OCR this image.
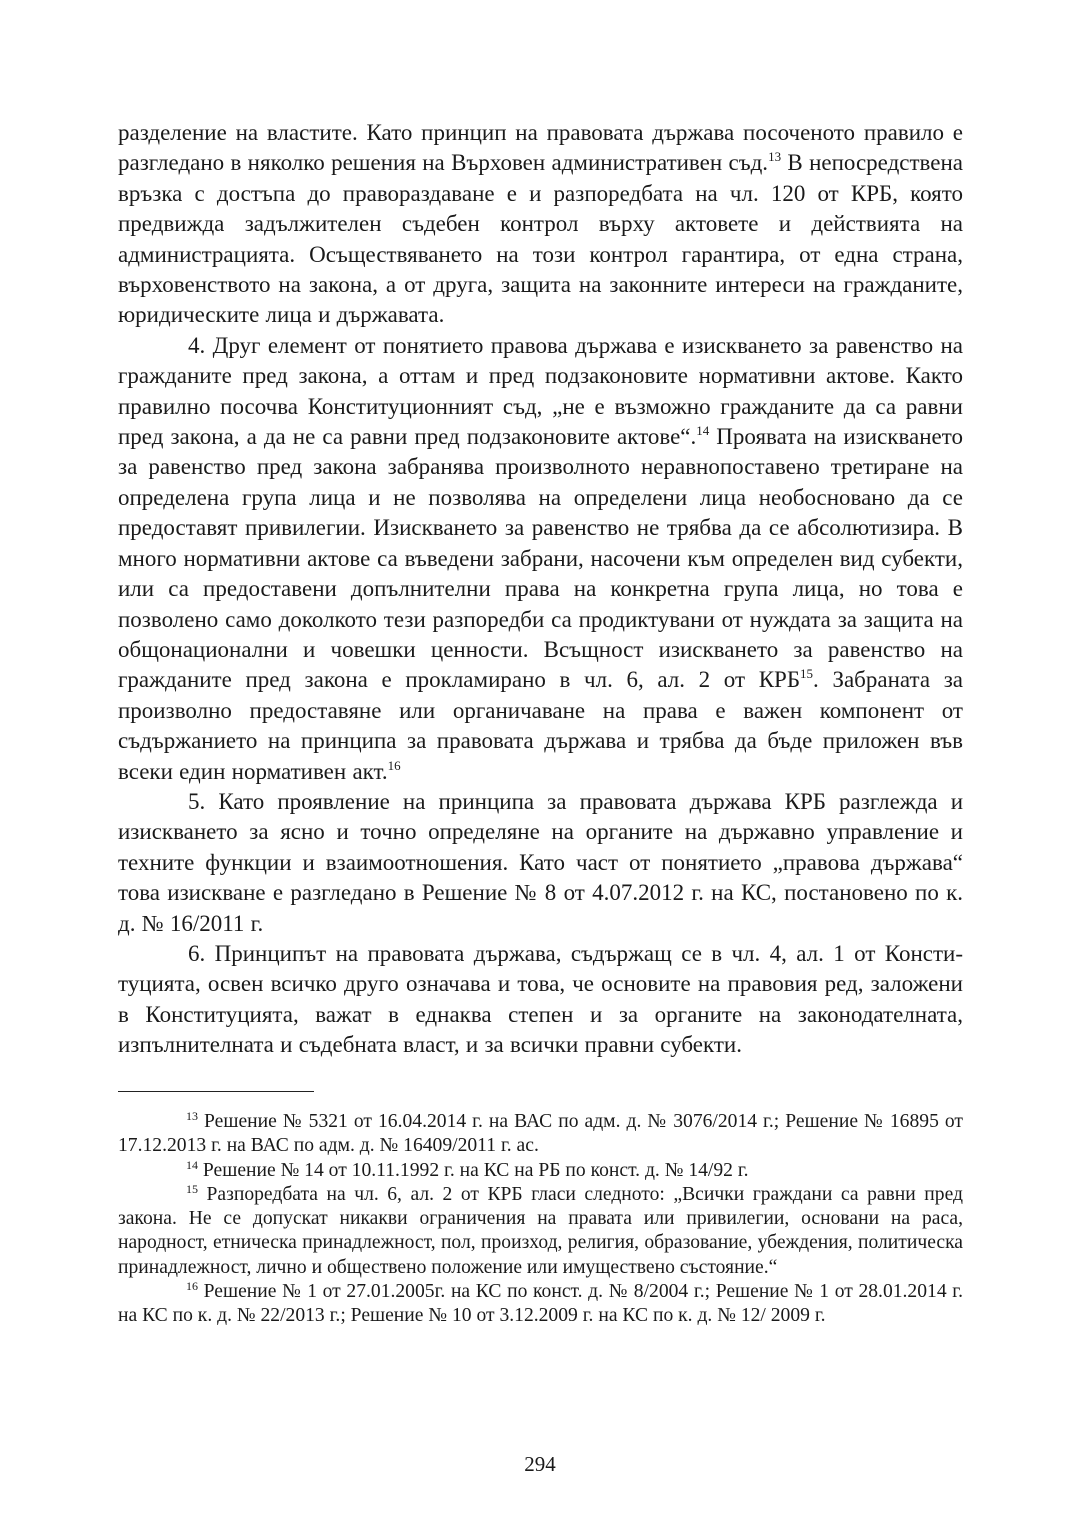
разделение на властите. Като принцип на правовата държава посоченото правило е разгледано в няколко решения на Върховен административен съд.$^{13}$ В непосредствена връзка с достъпа до правораздаване е и разпоредбата на чл. 120 от КРБ, която предвижда задължителен съдебен контрол върху актовете и действията на администрацията. Осъществяването на този контрол гарантира, от една страна, върховенството на закона, а от друга, защита на законните интереси на гражданите, юридическите лица и държавата.

4. Друг елемент от понятието правова държава е изискването за равенство на гражданите пред закона, а оттам и пред подзаконовите нормативни актове. Както правилно посочва Конституционният съд, „не е възможно гражданите да са равни пред закона, а да не са равни пред подзаконовите актове“.$^{14}$ Проявата на изискването за равенство пред закона забранява произволното неравнопоставено третиране на определена група лица и не позволява на определени лица необосновано да се предоставят привилегии. Изискването за равенство не трябва да се абсолютизира. В много нормативни актове са въведени забрани, насочени към определен вид субекти, или са предоставени допълнителни права на конкретна група лица, но това е позволено само доколкото тези разпоредби са продиктувани от нуждата за защита на общонационални и човешки ценности. Всъщност изискването за равенство на гражданите пред закона е прокламирано в чл. 6, ал. 2 от КРБ$^{15}$. Забраната за произволно предоставяне или органичаване на права е важен компонент от съдържанието на принципа за правовата държава и трябва да бъде приложен във всеки един нормативен акт.$^{16}$

5. Като проявление на принципа за правовата държава КРБ разглежда и изискването за ясно и точно определяне на органите на държавно управление и техните функции и взаимоотношения. Като част от понятието „правова държава“ това изискване е разгледано в Решение № 8 от 4.07.2012 г. на КС, постановено по к. д. № 16/2011 г.

6. Принципът на правовата държава, съдържащ се в чл. 4, ал. 1 от Конституцията, освен всичко друго означава и това, че основите на правовия ред, заложени в Конституцията, важат в еднаква степен и за органите на законодателната, изпълнителната и съдебната власт, и за всички правни субекти.

$^{13}$ Решение № 5321 от 16.04.2014 г. на ВАС по адм. д. № 3076/2014 г.; Решение № 16895 от 17.12.2013 г. на ВАС по адм. д. № 16409/2011 г. ас.

$^{14}$ Решение № 14 от 10.11.1992 г. на КС на РБ по конст. д. № 14/92 г.

$^{15}$ Разпоредбата на чл. 6, ал. 2 от КРБ гласи следното: „Всички граждани са равни пред закона. Не се допускат никакви ограничения на правата или привилегии, основани на раса, народност, етническа принадлежност, пол, произход, религия, образование, убеждения, политическа принадлежност, лично и обществено положение или имуществено състояние.“

$^{16}$ Решение № 1 от 27.01.2005г. на КС по конст. д. № 8/2004 г.; Решение № 1 от 28.01.2014 г. на КС по к. д. № 22/2013 г.; Решение № 10 от 3.12.2009 г. на КС по к. д. № 12/ 2009 г.

294
